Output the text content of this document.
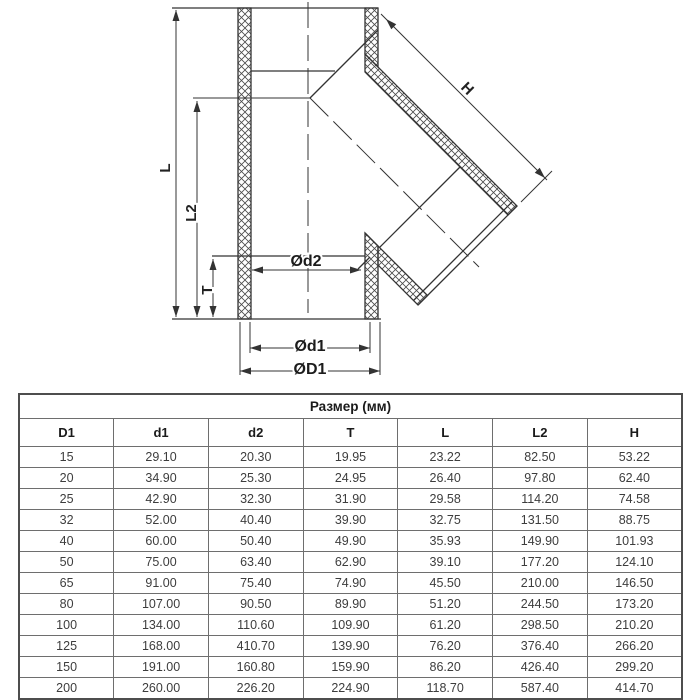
L
L2
T
H
Ød2
Ød1
ØD1
Размер (мм)						
D1	d1	d2	T	L	L2	H
15	29.10	20.30	19.95	23.22	82.50	53.22
20	34.90	25.30	24.95	26.40	97.80	62.40
25	42.90	32.30	31.90	29.58	114.20	74.58
32	52.00	40.40	39.90	32.75	131.50	88.75
40	60.00	50.40	49.90	35.93	149.90	101.93
50	75.00	63.40	62.90	39.10	177.20	124.10
65	91.00	75.40	74.90	45.50	210.00	146.50
80	107.00	90.50	89.90	51.20	244.50	173.20
100	134.00	110.60	109.90	61.20	298.50	210.20
125	168.00	410.70	139.90	76.20	376.40	266.20
150	191.00	160.80	159.90	86.20	426.40	299.20
200	260.00	226.20	224.90	118.70	587.40	414.70
